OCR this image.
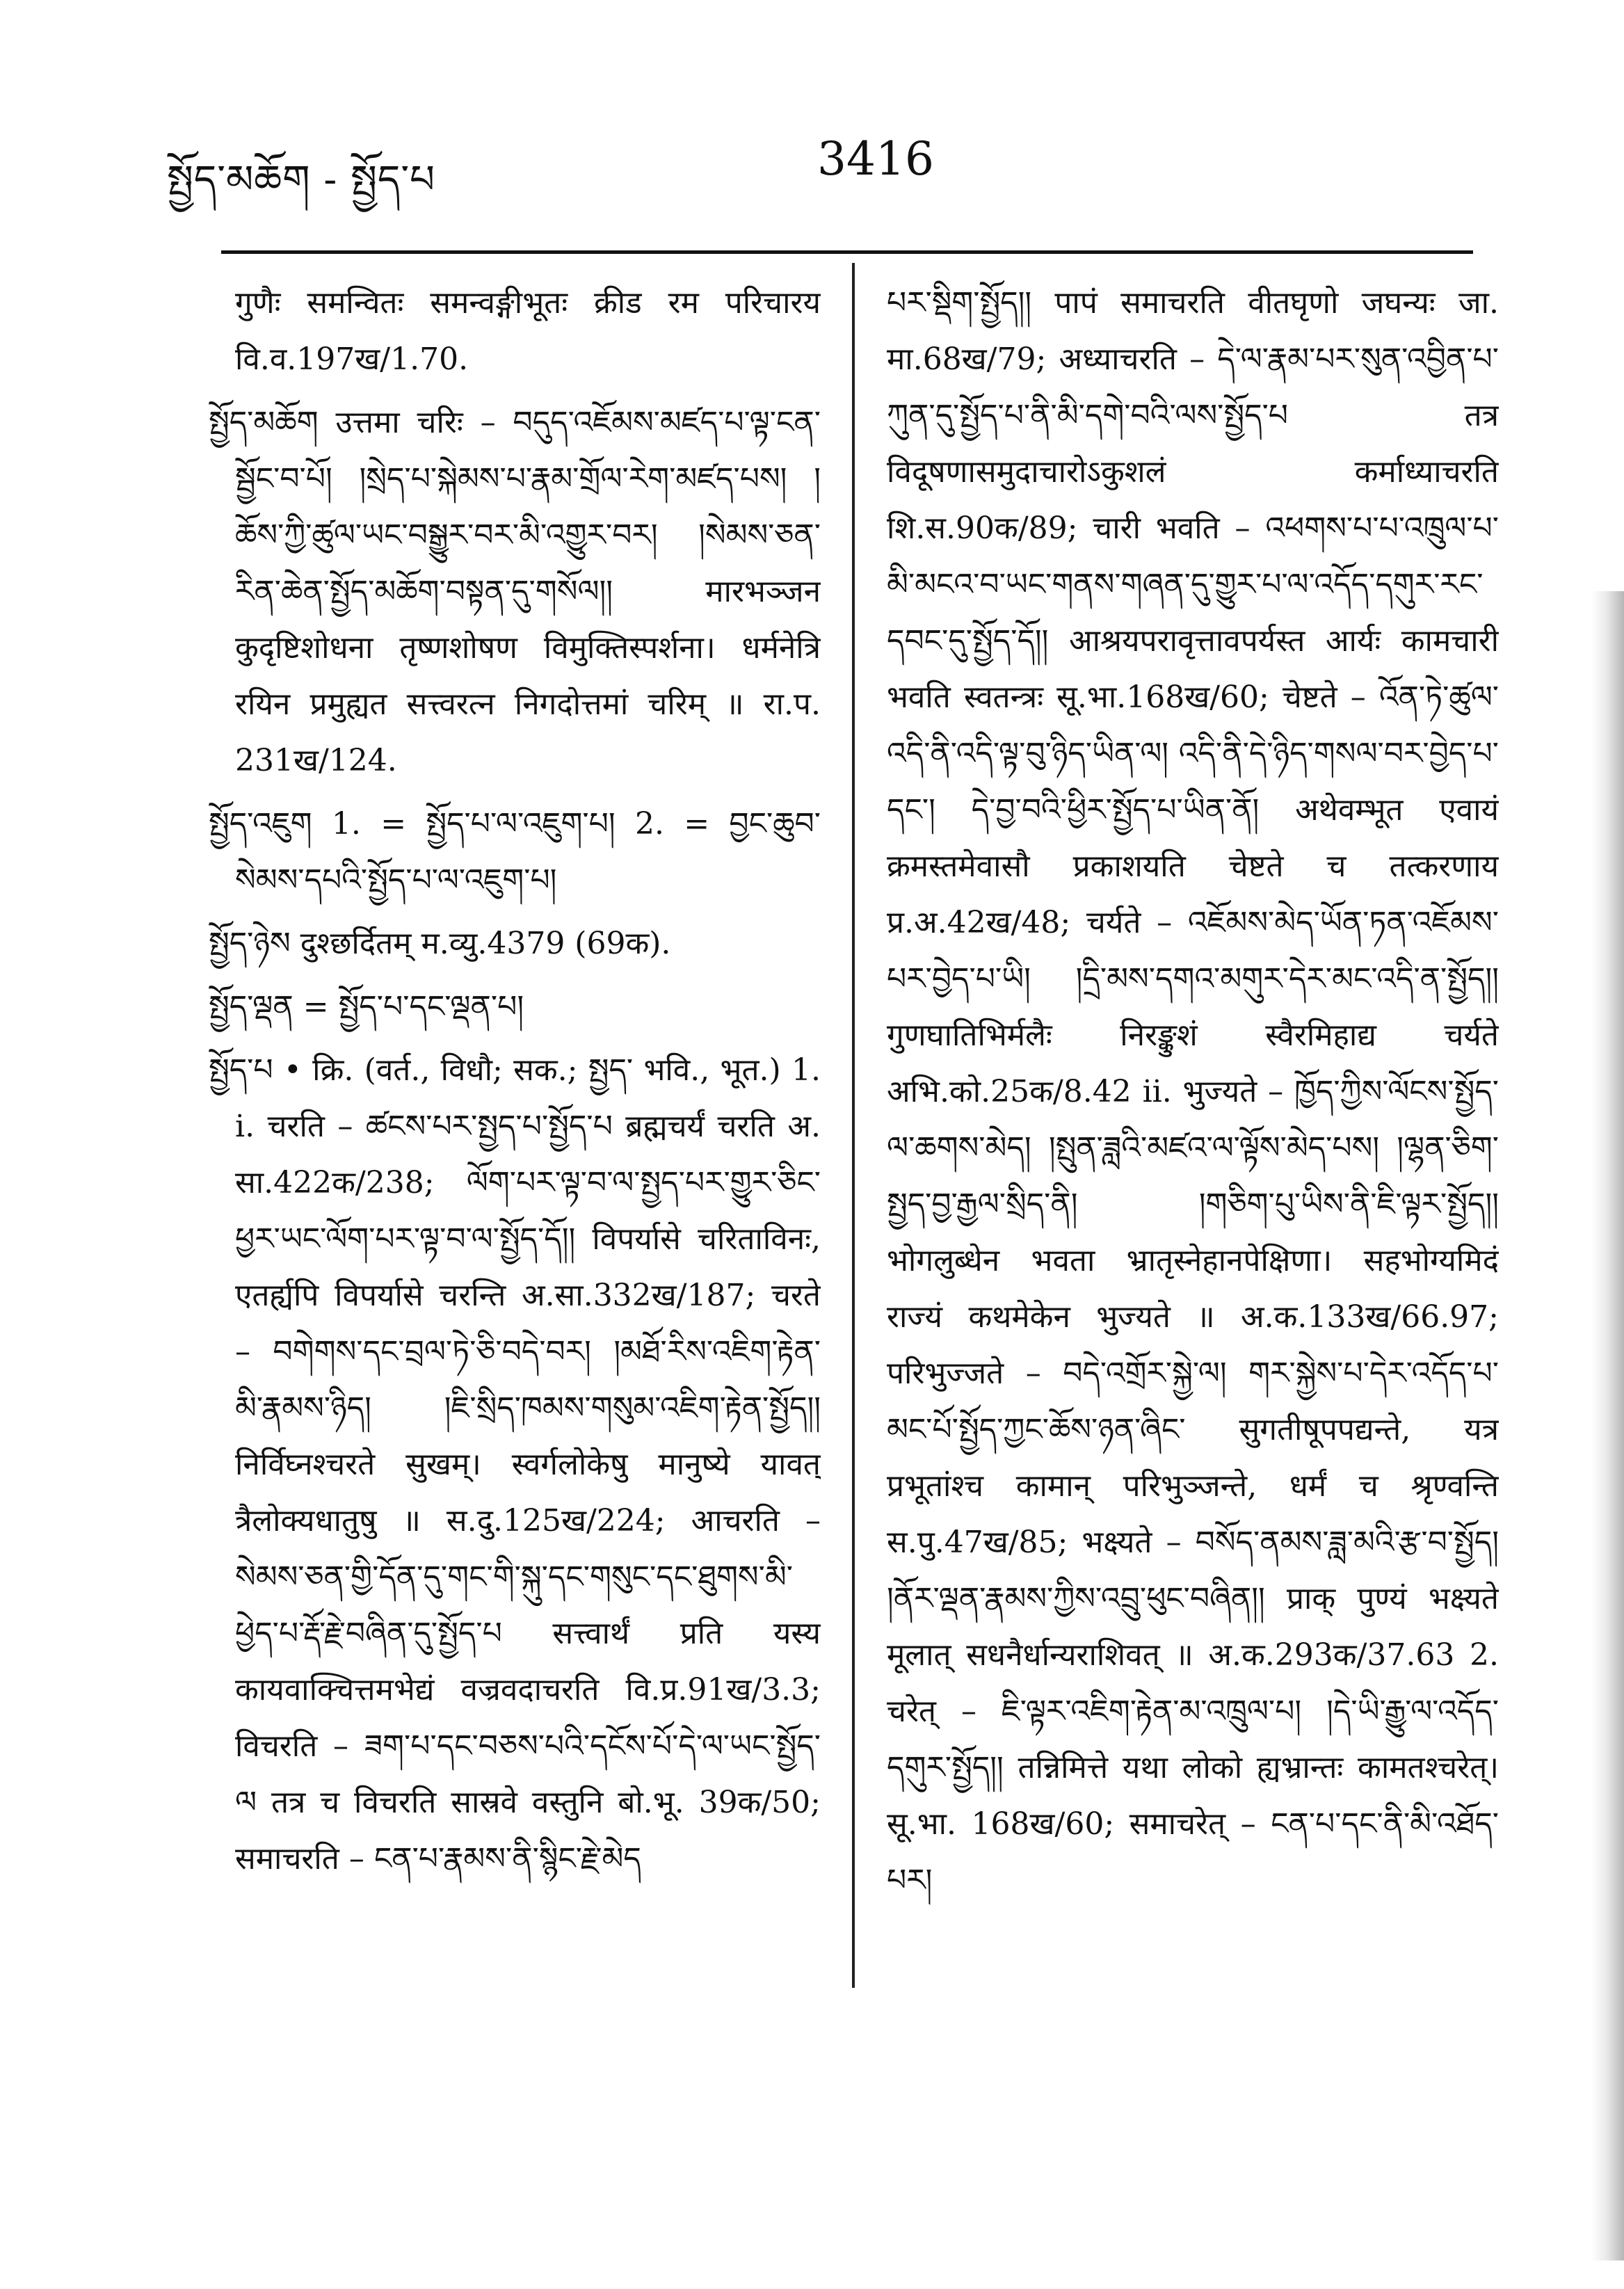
སྤྱོད་མཆོག - སྤྱོད་པ	3416

गुणैः समन्वितः समन्वङ्गीभूतः क्रीड रम परिचारय वि.व.197ख/1.70.

སྤྱོད་མཆོག उत्तमा चरिः – བདུད་འཇོམས་མཛད་པ་ལྟ་ངན་སྦྱོང་བ་པོ། །སྲེད་པ་སྐེམས་པ་རྣམ་གྲོལ་རེག་མཛད་པས། །ཆོས་ཀྱི་ཚུལ་ཡང་བསྒྱུར་བར་མི་འགྱུར་བར། །སེམས་ཅན་རིན་ཆེན་སྤྱོད་མཆོག་བསྟན་དུ་གསོལ།། मारभञ्जन कुदृष्टिशोधना तृष्णशोषण विमुक्तिस्पर्शना। धर्मनेत्रि रयिन प्रमुह्यत सत्त्वरत्न निगदोत्तमां चरिम् ॥ रा.प. 231ख/124.

སྤྱོད་འཇུག 1. = སྤྱོད་པ་ལ་འཇུག་པ། 2. = བྱང་ཆུབ་སེམས་དཔའི་སྤྱོད་པ་ལ་འཇུག་པ།

སྤྱོད་ཉེས दुश्छर्दितम् म.व्यु.4379 (69क).

སྤྱོད་ལྡན = སྤྱོད་པ་དང་ལྡན་པ།

སྤྱོད་པ • क्रि. (वर्त., विधौ; सक.; སྤྱད་ भवि., भूत.) 1. i. चरति – ཚངས་པར་སྤྱད་པ་སྤྱོད་པ ब्रह्मचर्यं चरति अ. सा.422क/238; ལོག་པར་ལྟ་བ་ལ་སྤྱད་པར་གྱུར་ཅིང་ཕྱར་ཡང་ལོག་པར་ལྟ་བ་ལ་སྤྱོད་དོ།། विपर्यासे चरिताविनः, एतर्ह्यपि विपर्यासे चरन्ति अ.सा.332ख/187; चरते – བགེགས་དང་བྲལ་ཏེ་ཅི་བདེ་བར། །མཐོ་རིས་འཇིག་རྟེན་མི་རྣམས་ཉིད། །ཇི་སྲིད་ཁམས་གསུམ་འཇིག་རྟེན་སྤྱོད།། निर्विघ्नश्चरते सुखम्। स्वर्गलोकेषु मानुष्ये यावत् त्रैलोक्यधातुषु ॥ स.दु.125ख/224; आचरति – སེམས་ཅན་གྱི་དོན་དུ་གང་གི་སྐུ་དང་གསུང་དང་ཐུགས་མི་ཕྱེད་པ་རྡོ་རྗེ་བཞིན་དུ་སྤྱོད་པ सत्त्वार्थं प्रति यस्य कायवाक्चित्तमभेद्यं वज्रवदाचरति वि.प्र.91ख/3.3; विचरति – ཟག་པ་དང་བཅས་པའི་དངོས་པོ་དེ་ལ་ཡང་སྤྱོད་ལ तत्र च विचरति सास्रवे वस्तुनि बो.भू. 39क/50; समाचरति – ངན་པ་རྣམས་ནི་སྙིང་རྗེ་མེད

པར་སྡིག་སྤྱོད།། पापं समाचरति वीतघृणो जघन्यः जा. मा.68ख/79; अध्याचरति – དེ་ལ་རྣམ་པར་སུན་འབྱིན་པ་ཀུན་དུ་སྤྱོད་པ་ནི་མི་དགེ་བའི་ལས་སྤྱོད་པ तत्र विदूषणासमुदाचारोऽकुशलं कर्माध्याचरति शि.स.90क/89; चारी भवति – འཕགས་པ་པ་འཁྲུལ་པ་མི་མངའ་བ་ཡང་གནས་གཞན་དུ་གྱུར་པ་ལ་འདོད་དགུར་རང་དབང་དུ་སྤྱོད་དོ།། आश्रयपरावृत्तावपर्यस्त आर्यः कामचारी भवति स्वतन्त्रः सू.भा.168ख/60; चेष्टते – འོན་ཏེ་ཚུལ་འདི་ནི་འདི་ལྟ་བུ་ཉིད་ཡིན་ལ། འདི་ནི་དེ་ཉིད་གསལ་བར་བྱེད་པ་དང་། དེ་བྱ་བའི་ཕྱིར་སྤྱོད་པ་ཡིན་ནོ། अथेवम्भूत एवायं क्रमस्तमेवासौ प्रकाशयति चेष्टते च तत्करणाय प्र.अ.42ख/48; चर्यते – འཇོམས་མེད་ཡོན་ཏན་འཇོམས་པར་བྱེད་པ་ཡི། །དྲི་མས་དགའ་མགུར་དེར་མང་འདི་ན་སྤྱོད།། गुणघातिभिर्मलैः निरङ्कुशं स्वैरमिहाद्य चर्यते अभि.को.25क/8.42 ii. भुज्यते – ཁྱོད་ཀྱིས་ལོངས་སྤྱོད་ལ་ཆགས་མེད། །སྤུན་ཟླའི་མཛའ་ལ་ལྟོས་མེད་པས། །ལྷན་ཅིག་སྤྱད་བྱ་རྒྱལ་སྲིད་ནི། །གཅིག་པུ་ཡིས་ནི་ཇི་ལྟར་སྤྱོད།། भोगलुब्धेन भवता भ्रातृस्नेहानपेक्षिणा। सहभोग्यमिदं राज्यं कथमेकेन भुज्यते ॥ अ.क.133ख/66.97; परिभुज्जते – བདེ་འགྲོར་སྐྱེ་ལ། གར་སྐྱེས་པ་དེར་འདོད་པ་མང་པོ་སྤྱོད་ཀྱང་ཆོས་ཉན་ཞིང་ सुगतीषूपपद्यन्ते, यत्र प्रभूतांश्च कामान् परिभुञ्जन्ते, धर्मं च श्रृण्वन्ति स.पु.47ख/85; भक्ष्यते – བསོད་ནམས་ཟླ་མའི་རྩ་བ་སྤྱོད། །ནོར་ལྡན་རྣམས་ཀྱིས་འབྲུ་ཕུང་བཞིན།། प्राक् पुण्यं भक्ष्यते मूलात् सधनैर्धान्यराशिवत् ॥ अ.क.293क/37.63 2. चरेत् – ཇི་ལྟར་འཇིག་རྟེན་མ་འཁྲུལ་པ། །དེ་ཡི་རྒྱུ་ལ་འདོད་དགུར་སྤྱོད།། तन्निमित्ते यथा लोको ह्यभ्रान्तः कामतश्चरेत्। सू.भा. 168ख/60; समाचरेत् – ངན་པ་དང་ནི་མི་འཐོད་པར།
